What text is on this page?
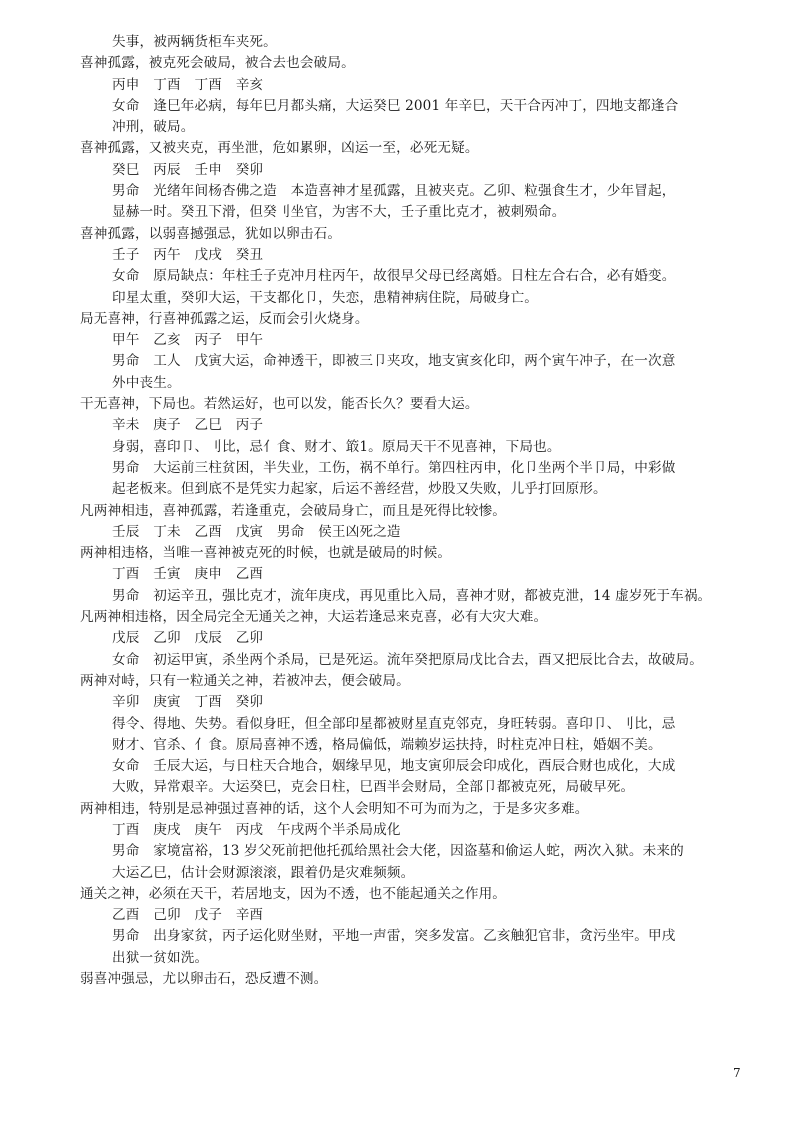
失事，被两辆货柜车夹死。
喜神孤露，被克死会破局，被合去也会破局。
丙申　丁酉　丁酉　辛亥
女命　逢巳年必病，每年巳月都头痛，大运癸巳 2001 年辛巳，天干合丙冲丁，四地支都逢合
冲刑，破局。
喜神孤露，又被夹克，再坐泄，危如累卵，凶运一至，必死无疑。
癸巳　丙辰　壬申　癸卯
男命　光绪年间杨杏佛之造　本造喜神才星孤露，且被夹克。乙卯、粒强食生才，少年冒起，
显赫一时。癸丑下滑，但癸刂坐官，为害不大，壬子重比克才，被刺殒命。
喜神孤露，以弱喜撼强忌，犹如以卵击石。
壬子　丙午　戊戌　癸丑
女命　原局缺点：年柱壬子克冲月柱丙午，故很早父母已经离婚。日柱左合右合，必有婚变。
印星太重，癸卯大运，干支都化卩，失恋，患精神病住院，局破身亡。
局无喜神，行喜神孤露之运，反而会引火烧身。
甲午　乙亥　丙子　甲午
男命　工人　戊寅大运，命神透干，即被三卩夹攻，地支寅亥化印，两个寅午冲子，在一次意
外中丧生。
干无喜神，下局也。若然运好，也可以发，能否长久？要看大运。
辛未　庚子　乙巳　丙子
身弱，喜印卩、刂比，忌亻食、财才、箃1。原局天干不见喜神，下局也。
男命　大运前三柱贫困，半失业，工伤，祸不单行。第四柱丙申，化卩坐两个半卩局，中彩做
起老板来。但到底不是凭实力起家，后运不善经营，炒股又失败，儿乎打回原形。
凡两神相违，喜神孤露，若逢重克，会破局身亡，而且是死得比较惨。
壬辰　丁未　乙酉　戊寅　男命　侯王凶死之造
两神相违格，当唯一喜神被克死的时候，也就是破局的时候。
丁酉　壬寅　庚申　乙酉
男命　初运辛丑，强比克才，流年庚戌，再见重比入局，喜神才财，都被克泄，14 虚岁死于车祸。
凡两神相违格，因全局完全无通关之神，大运若逢忌来克喜，必有大灾大难。
戊辰　乙卯　戊辰　乙卯
女命　初运甲寅，杀坐两个杀局，已是死运。流年癸把原局戊比合去，酉又把辰比合去，故破局。
两神对峙，只有一粒通关之神，若被冲去，便会破局。
辛卯　庚寅　丁酉　癸卯
得令、得地、失势。看似身旺，但全部印星都被财星直克邻克，身旺转弱。喜印卩、刂比，忌
财才、官杀、亻食。原局喜神不透，格局偏低，端赖岁运扶持，时柱克冲日柱，婚姻不美。
女命　壬辰大运，与日柱天合地合，姻缘早见，地支寅卯辰会印成化，酉辰合财也成化，大成
大败，异常艰辛。大运癸巳，克会日柱，巳酉半会财局，全部卩都被克死，局破早死。
两神相违，特别是忌神强过喜神的话，这个人会明知不可为而为之，于是多灾多难。
丁酉　庚戌　庚午　丙戌　午戌两个半杀局成化
男命　家境富裕，13 岁父死前把他托孤给黑社会大佬，因盗墓和偷运人蛇，两次入狱。未来的
大运乙巳，估计会财源滚滚，跟着仍是灾难频频。
通关之神，必须在天干，若居地支，因为不透，也不能起通关之作用。
乙酉　己卯　戊子　辛酉
男命　出身家贫，丙子运化财坐财，平地一声雷，突多发富。乙亥触犯官非，贪污坐牢。甲戌
出狱一贫如洗。
弱喜冲强忌，尤以卵击石，恐反遭不测。
7
